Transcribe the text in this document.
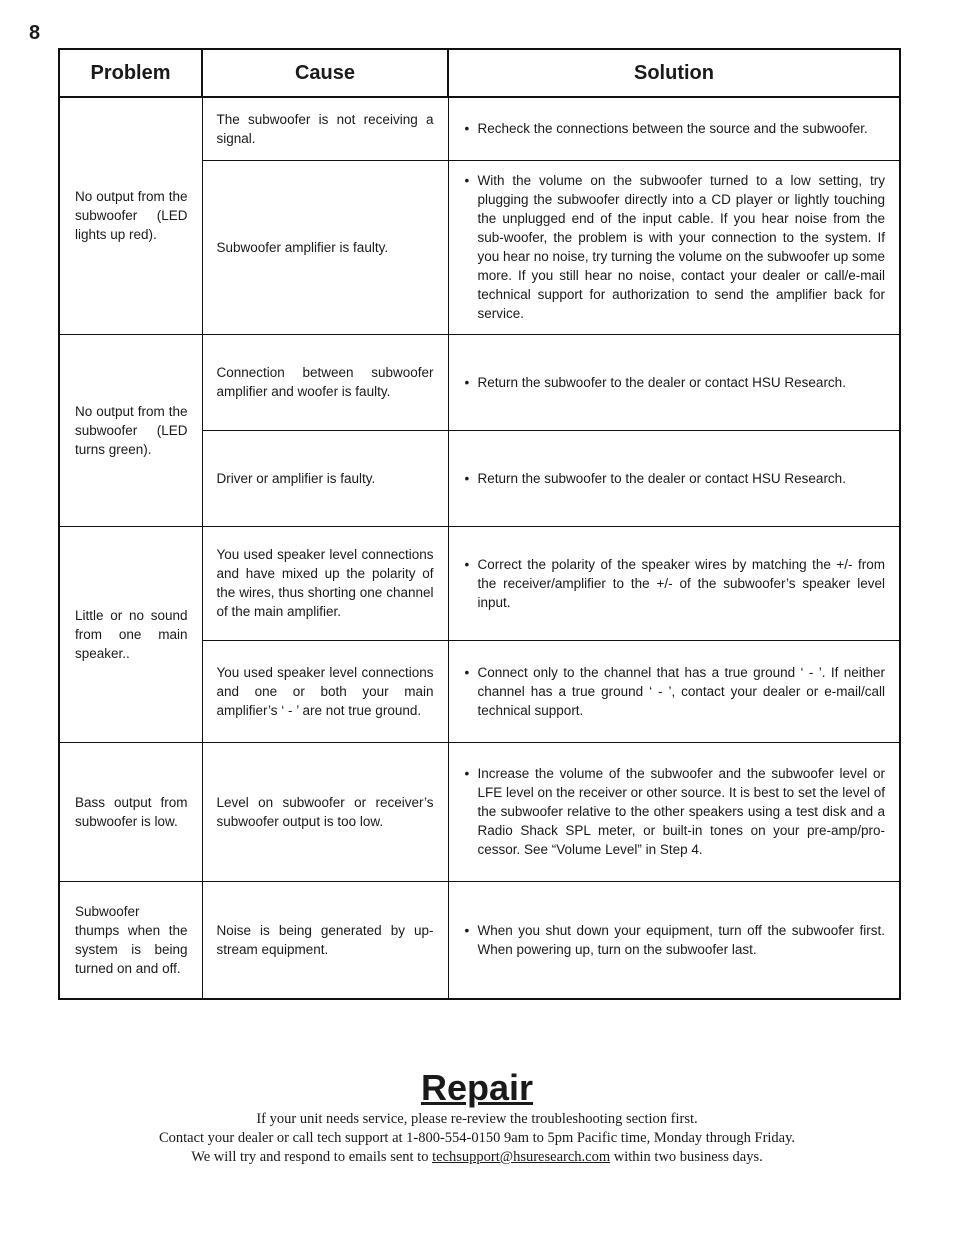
8
Problem	Cause	Solution
No output from the subwoofer (LED lights up red).	The subwoofer is not receiving a signal.	• Recheck the connections between the source and the subwoofer.

	Subwoofer amplifier is faulty.	• With the volume on the subwoofer turned to a low setting, try plugging the subwoofer directly into a CD player or lightly touching the unplugged end of the input cable. If you hear noise from the sub-woofer, the problem is with your connection to the system. If you hear no noise, try turning the volume on the subwoofer up some more. If you still hear no noise, contact your dealer or call/e-mail technical support for authorization to send the amplifier back for service.

No output from the subwoofer (LED turns green).	Connection between subwoofer amplifier and woofer is faulty.	• Return the subwoofer to the dealer or contact HSU Research.

	Driver or amplifier is faulty.	• Return the subwoofer to the dealer or contact HSU Research.

Little or no sound from one main speaker..	You used speaker level connections and have mixed up the polarity of the wires, thus shorting one channel of the main amplifier.	• Correct the polarity of the speaker wires by matching the +/- from the receiver/amplifier to the +/- of the subwoofer’s speaker level input.

	You used speaker level connections and one or both your main amplifier’s ‘ - ’ are not true ground.	• Connect only to the channel that has a true ground ‘ - ’. If neither channel has a true ground ‘ - ’, contact your dealer or e-mail/call technical support.

Bass output from subwoofer is low.	Level on subwoofer or receiver’s subwoofer output is too low.	• Increase the volume of the subwoofer and the subwoofer level or LFE level on the receiver or other source. It is best to set the level of the subwoofer relative to the other speakers using a test disk and a Radio Shack SPL meter, or built-in tones on your pre-amp/pro-cessor. See “Volume Level” in Step 4.

Subwoofer thumps when the system is being turned on and off.	Noise is being generated by up-stream equipment.	• When you shut down your equipment, turn off the subwoofer first. When powering up, turn on the subwoofer last.
Repair

If your unit needs service, please re-review the troubleshooting section first.

Contact your dealer or call tech support at 1-800-554-0150 9am to 5pm Pacific time, Monday through Friday.

We will try and respond to emails sent to techsupport@hsuresearch.com within two business days.
